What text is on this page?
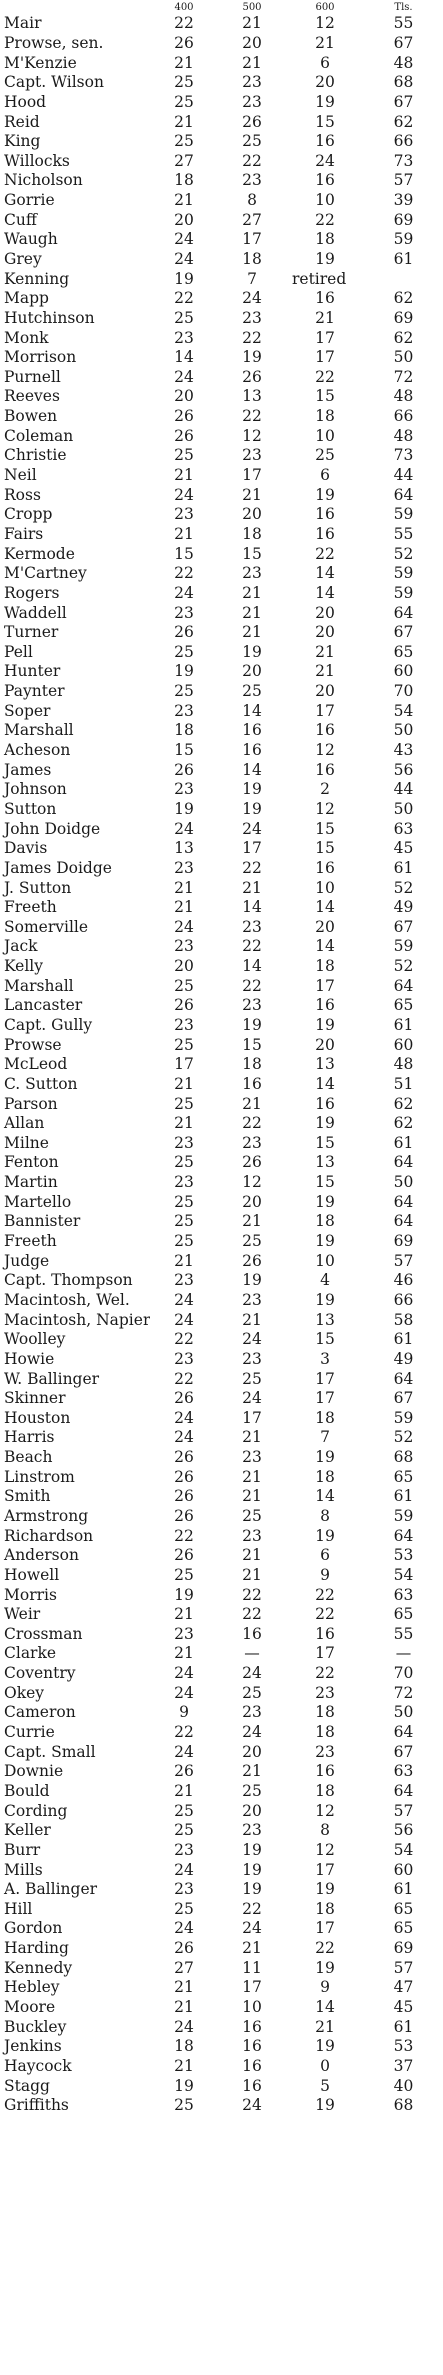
	400	500	600	Tls.
Mair	22	21	12	55
Prowse, sen.	26	20	21	67
M'Kenzie	21	21	6	48
Capt. Wilson	25	23	20	68
Hood	25	23	19	67
Reid	21	26	15	62
King	25	25	16	66
Willocks	27	22	24	73
Nicholson	18	23	16	57
Gorrie	21	8	10	39
Cuff	20	27	22	69
Waugh	24	17	18	59
Grey	24	18	19	61
Kenning	19	7	retired	
Mapp	22	24	16	62
Hutchinson	25	23	21	69
Monk	23	22	17	62
Morrison	14	19	17	50
Purnell	24	26	22	72
Reeves	20	13	15	48
Bowen	26	22	18	66
Coleman	26	12	10	48
Christie	25	23	25	73
Neil	21	17	6	44
Ross	24	21	19	64
Cropp	23	20	16	59
Fairs	21	18	16	55
Kermode	15	15	22	52
M'Cartney	22	23	14	59
Rogers	24	21	14	59
Waddell	23	21	20	64
Turner	26	21	20	67
Pell	25	19	21	65
Hunter	19	20	21	60
Paynter	25	25	20	70
Soper	23	14	17	54
Marshall	18	16	16	50
Acheson	15	16	12	43
James	26	14	16	56
Johnson	23	19	2	44
Sutton	19	19	12	50
John Doidge	24	24	15	63
Davis	13	17	15	45
James Doidge	23	22	16	61
J. Sutton	21	21	10	52
Freeth	21	14	14	49
Somerville	24	23	20	67
Jack	23	22	14	59
Kelly	20	14	18	52
Marshall	25	22	17	64
Lancaster	26	23	16	65
Capt. Gully	23	19	19	61
Prowse	25	15	20	60
McLeod	17	18	13	48
C. Sutton	21	16	14	51
Parson	25	21	16	62
Allan	21	22	19	62
Milne	23	23	15	61
Fenton	25	26	13	64
Martin	23	12	15	50
Martello	25	20	19	64
Bannister	25	21	18	64
Freeth	25	25	19	69
Judge	21	26	10	57
Capt. Thompson	23	19	4	46
Macintosh, Wel.	24	23	19	66
Macintosh, Napier	24	21	13	58
Woolley	22	24	15	61
Howie	23	23	3	49
W. Ballinger	22	25	17	64
Skinner	26	24	17	67
Houston	24	17	18	59
Harris	24	21	7	52
Beach	26	23	19	68
Linstrom	26	21	18	65
Smith	26	21	14	61
Armstrong	26	25	8	59
Richardson	22	23	19	64
Anderson	26	21	6	53
Howell	25	21	9	54
Morris	19	22	22	63
Weir	21	22	22	65
Crossman	23	16	16	55
Clarke	21	—	17	—
Coventry	24	24	22	70
Okey	24	25	23	72
Cameron	9	23	18	50
Currie	22	24	18	64
Capt. Small	24	20	23	67
Downie	26	21	16	63
Bould	21	25	18	64
Cording	25	20	12	57
Keller	25	23	8	56
Burr	23	19	12	54
Mills	24	19	17	60
A. Ballinger	23	19	19	61
Hill	25	22	18	65
Gordon	24	24	17	65
Harding	26	21	22	69
Kennedy	27	11	19	57
Hebley	21	17	9	47
Moore	21	10	14	45
Buckley	24	16	21	61
Jenkins	18	16	19	53
Haycock	21	16	0	37
Stagg	19	16	5	40
Griffiths	25	24	19	68
